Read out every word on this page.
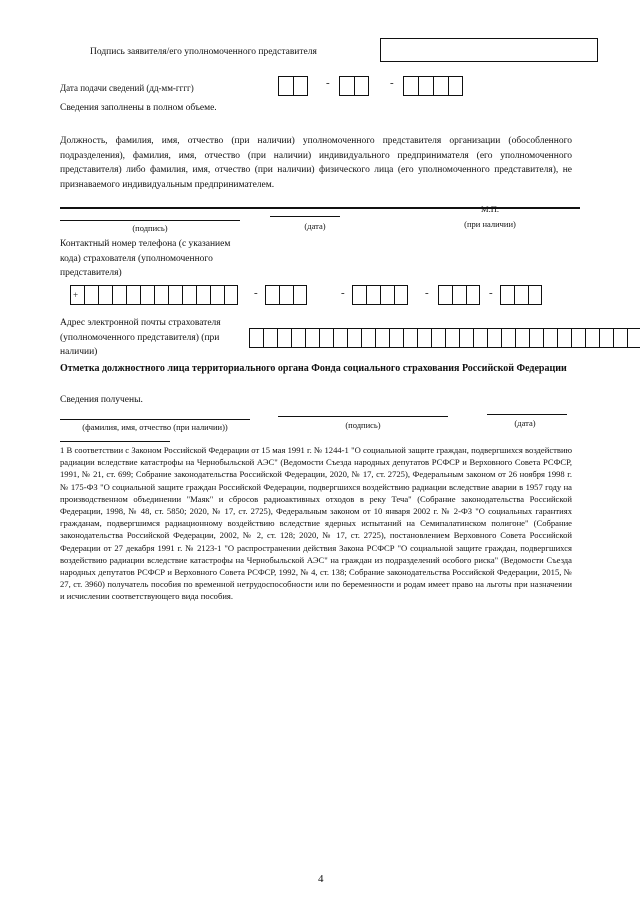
Подпись заявителя/его уполномоченного представителя
Дата подачи сведений (дд-мм-гггг)	-	-
Сведения заполнены в полном объеме.
Должность, фамилия, имя, отчество (при наличии) уполномоченного представителя организации (обособленного подразделения), фамилия, имя, отчество (при наличии) индивидуального предпринимателя (его уполномоченного представителя) либо фамилия, имя, отчество (при наличии) физического лица (его уполномоченного представителя), не признаваемого индивидуальным предпринимателем.
(подпись)	(дата)
М.П.
(при наличии)
Контактный номер телефона (с указанием кода) страхователя (уполномоченного представителя)
+	-	-	-	-
Адрес электронной почты страхователя (уполномоченного представителя) (при наличии)
Отметка должностного лица территориального органа Фонда социального страхования Российской Федерации
Сведения получены.
(фамилия, имя, отчество (при наличии))	(подпись)	(дата)
1 В соответствии с Законом Российской Федерации от 15 мая 1991 г. № 1244-1 "О социальной защите граждан, подвергшихся воздействию радиации вследствие катастрофы на Чернобыльской АЭС" (Ведомости Съезда народных депутатов РСФСР и Верховного Совета РСФСР, 1991, № 21, ст. 699; Собрание законодательства Российской Федерации, 2020, № 17, ст. 2725), Федеральным законом от 26 ноября 1998 г. № 175-ФЗ "О социальной защите граждан Российской Федерации, подвергшихся воздействию радиации вследствие аварии в 1957 году на производственном объединении "Маяк" и сбросов радиоактивных отходов в реку Теча" (Собрание законодательства Российской Федерации, 1998, № 48, ст. 5850; 2020, № 17, ст. 2725), Федеральным законом от 10 января 2002 г. № 2-ФЗ "О социальных гарантиях гражданам, подвергшимся радиационному воздействию вследствие ядерных испытаний на Семипалатинском полигоне" (Собрание законодательства Российской Федерации, 2002, № 2, ст. 128; 2020, № 17, ст. 2725), постановлением Верховного Совета Российской Федерации от 27 декабря 1991 г. № 2123-1 "О распространении действия Закона РСФСР "О социальной защите граждан, подвергшихся воздействию радиации вследствие катастрофы на Чернобыльской АЭС" на граждан из подразделений особого риска" (Ведомости Съезда народных депутатов РСФСР и Верховного Совета РСФСР, 1992, № 4, ст. 138; Собрание законодательства Российской Федерации, 2015, № 27, ст. 3960) получатель пособия по временной нетрудоспособности или по беременности и родам имеет право на льготы при назначении и исчислении соответствующего вида пособия.
4
